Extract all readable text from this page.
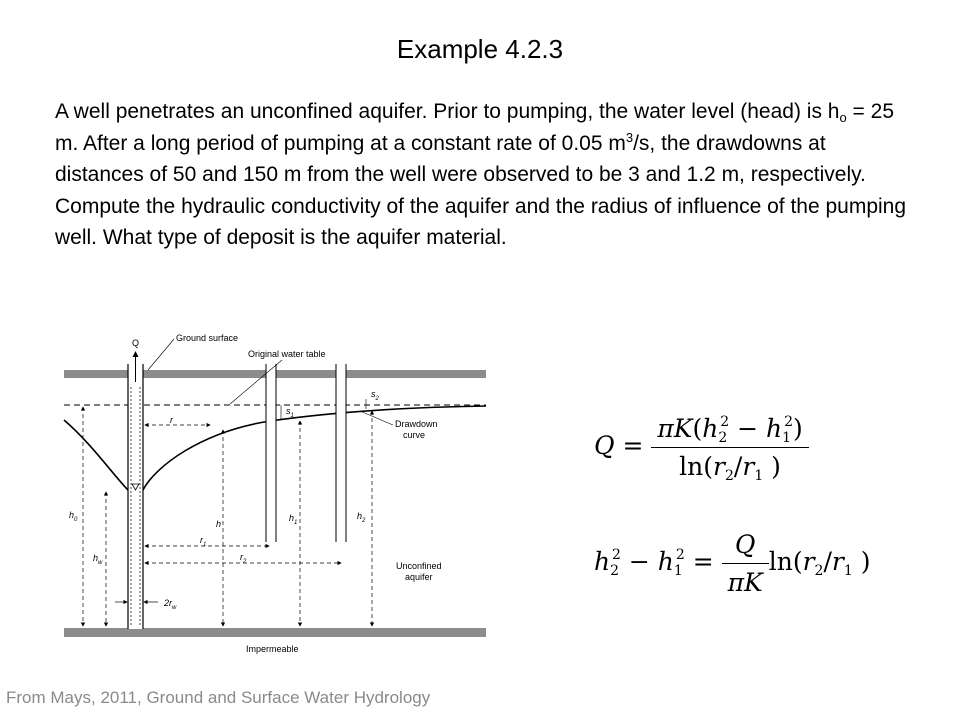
Example 4.2.3
A well penetrates an unconfined aquifer. Prior to pumping, the water level (head) is $h_o = 25$ m. After a long period of pumping at a constant rate of 0.05 $m^3/s$, the drawdowns at distances of 50 and 150 m from the well were observed to be 3 and 1.2 m, respectively. Compute the hydraulic conductivity of the aquifer and the radius of influence of the pumping well. What type of deposit is the aquifer material.
Q	Ground surface
Original water table
Drawdown
curve
$s_1$
$s_2$
r
$h_0$
$h_w$
h
$h_1$
$h_2$
$r_1$
$r_2$
$2r_w$
Unconfined
aquifer
Impermeable
$Q = \frac{\pi K(h_2^2 - h_1^2)}{\ln(r_2/r_1 )}$
$h_2^2 - h_1^2 = \frac{Q}{\pi K} \ln(r_2/r_1$ )
From Mays, 2011, Ground and Surface Water Hydrology
